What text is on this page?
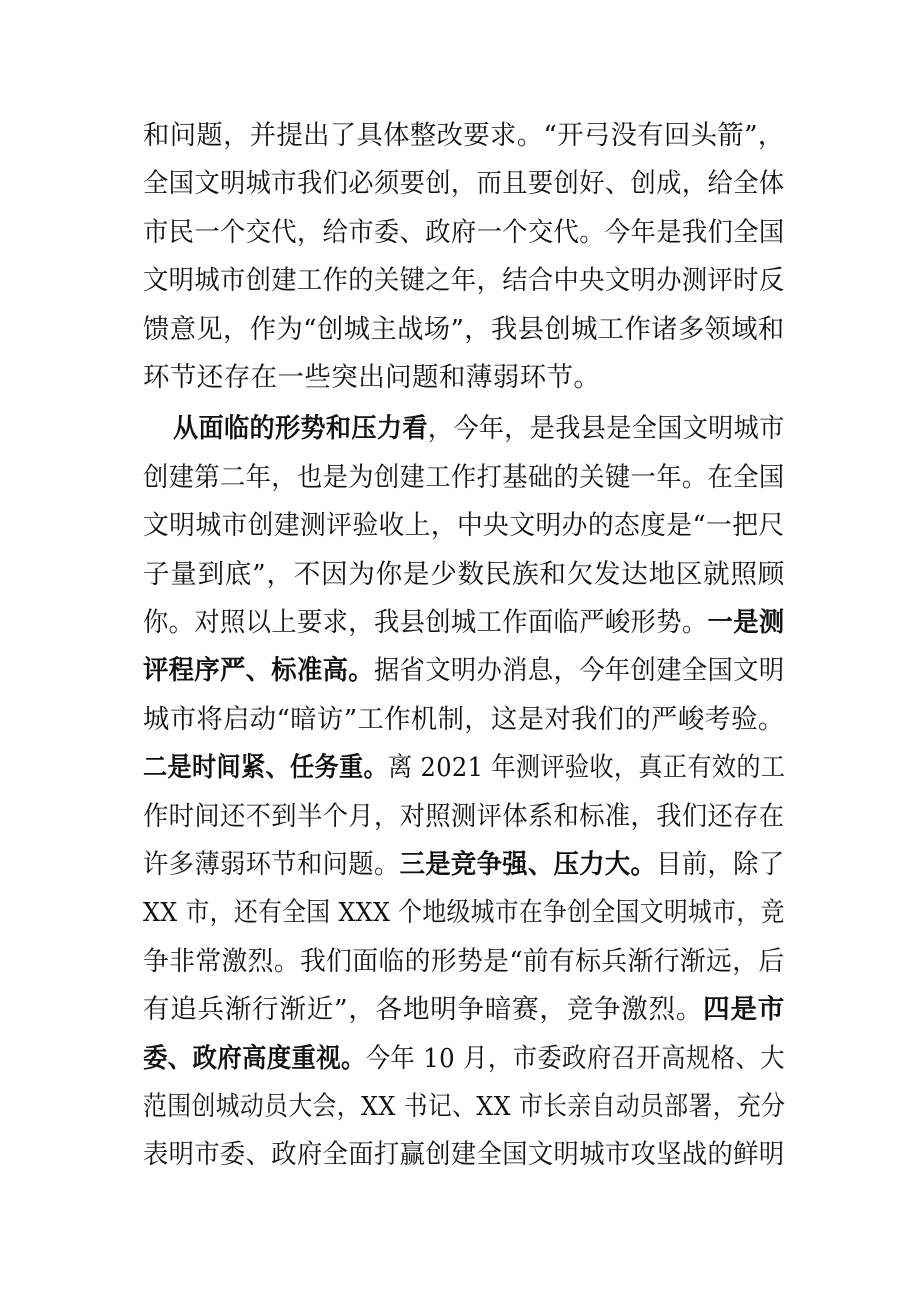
和问题，并提出了具体整改要求。“开弓没有回头箭”，
全国文明城市我们必须要创，而且要创好、创成，给全体
市民一个交代，给市委、政府一个交代。今年是我们全国
文明城市创建工作的关键之年，结合中央文明办测评时反
馈意见，作为“创城主战场”，我县创城工作诸多领域和
环节还存在一些突出问题和薄弱环节。
从面临的形势和压力看，今年，是我县是全国文明城市
创建第二年，也是为创建工作打基础的关键一年。在全国
文明城市创建测评验收上，中央文明办的态度是“一把尺
子量到底”，不因为你是少数民族和欠发达地区就照顾
你。对照以上要求，我县创城工作面临严峻形势。一是测
评程序严、标准高。据省文明办消息，今年创建全国文明
城市将启动“暗访”工作机制，这是对我们的严峻考验。
二是时间紧、任务重。离 2021 年测评验收，真正有效的工
作时间还不到半个月，对照测评体系和标准，我们还存在
许多薄弱环节和问题。三是竞争强、压力大。目前，除了
XX 市，还有全国 XXX 个地级城市在争创全国文明城市，竞
争非常激烈。我们面临的形势是“前有标兵渐行渐远，后
有追兵渐行渐近”，各地明争暗赛，竞争激烈。四是市
委、政府高度重视。今年 10 月，市委政府召开高规格、大
范围创城动员大会，XX 书记、XX 市长亲自动员部署，充分
表明市委、政府全面打赢创建全国文明城市攻坚战的鲜明
